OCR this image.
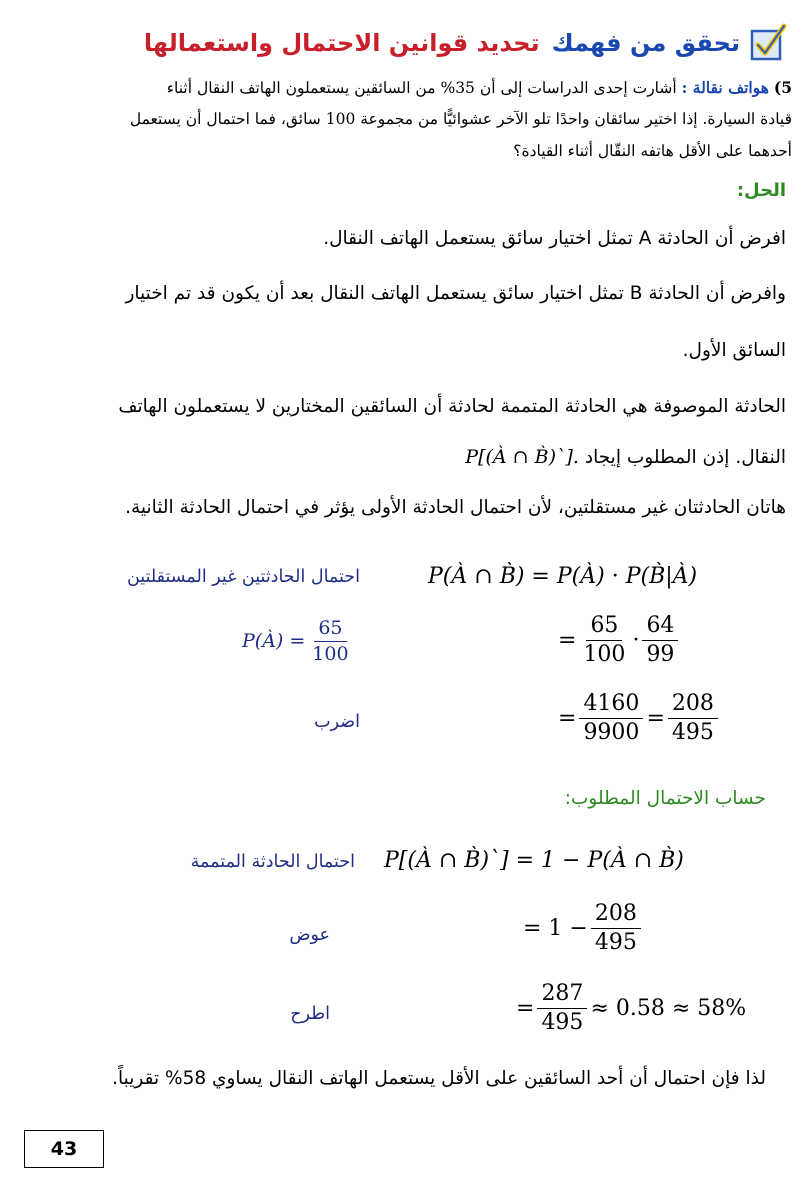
تحقق من فهمك
تحديد قوانين الاحتمال واستعمالها
5) هواتف نقالة : أشارت إحدى الدراسات إلى أن 35% من السائقين يستعملون الهاتف النقال أثناء
قيادة السيارة. إذا اختير سائقان واحدًا تلو الآخر عشوائيًّا من مجموعة 100 سائق، فما احتمال أن يستعمل
أحدهما على الأقل هاتفه النقّال أثناء القيادة؟
الحل:
افرض أن الحادثة A تمثل اختيار سائق يستعمل الهاتف النقال.
وافرض أن الحادثة B تمثل اختيار سائق يستعمل الهاتف النقال بعد أن يكون قد تم اختيار
السائق الأول.
الحادثة الموصوفة هي الحادثة المتممة لحادثة أن السائقين المختارين لا يستعملون الهاتف
النقال. إذن المطلوب إيجاد P[(À ∩ B̀)`].
هاتان الحادثتان غير مستقلتين، لأن احتمال الحادثة الأولى يؤثر في احتمال الحادثة الثانية.
احتمال الحادثتين غير المستقلتين	P(À ∩ B̀) = P(À) · P(B̀|À)
P(À) = $\frac{65}{100}$	= $\frac{65}{100} \cdot \frac{64}{99}$
اضرب	= $\frac{4160}{9900} = \frac{208}{495}$
حساب الاحتمال المطلوب:
احتمال الحادثة المتممة P[(À ∩ B̀)`] = 1 − P(À ∩ B̀)
عوض	= $1 - \frac{208}{495}$
اطرح	= $\frac{287}{495} \approx 0.58 \approx 58\%$
لذا فإن احتمال أن أحد السائقين على الأقل يستعمل الهاتف النقال يساوي 58% تقريباً.
43
